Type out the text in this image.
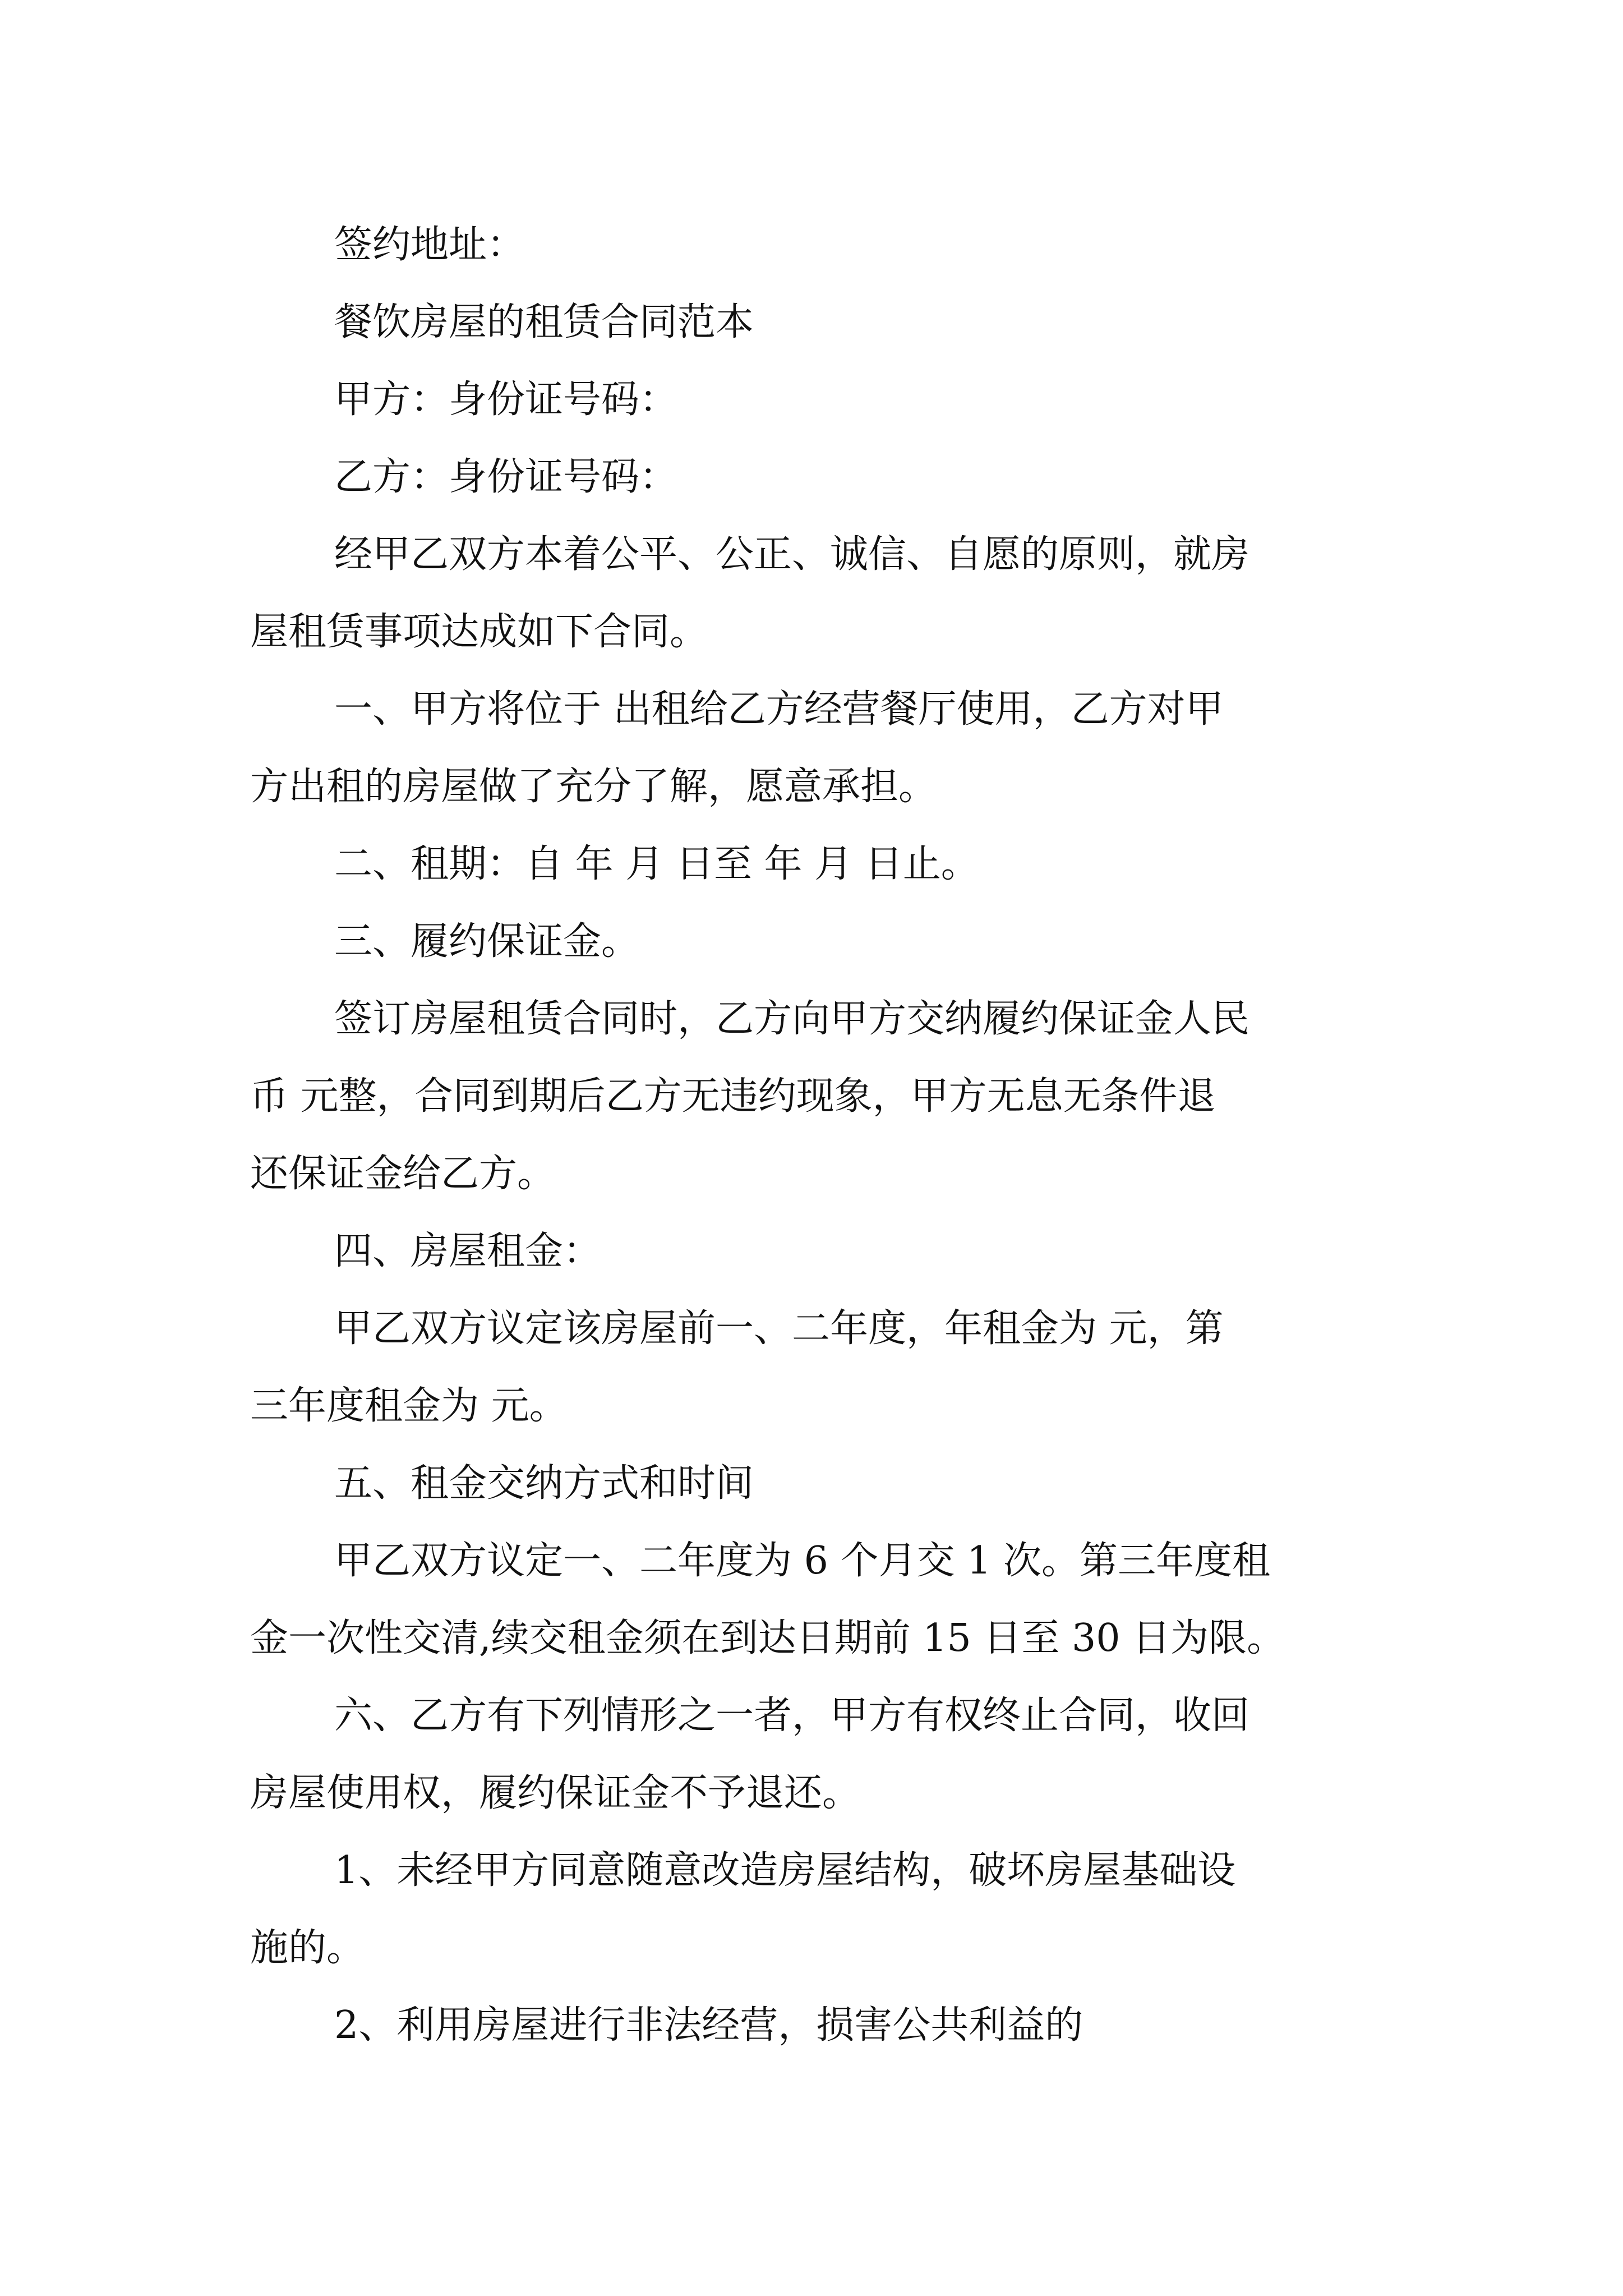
签约地址：
餐饮房屋的租赁合同范本
甲方：身份证号码：
乙方：身份证号码：
经甲乙双方本着公平、公正、诚信、自愿的原则，就房
屋租赁事项达成如下合同。
一、甲方将位于 出租给乙方经营餐厅使用，乙方对甲
方出租的房屋做了充分了解，愿意承担。
二、租期：自 年 月 日至 年 月 日止。
三、履约保证金。
签订房屋租赁合同时，乙方向甲方交纳履约保证金人民
币 元整，合同到期后乙方无违约现象，甲方无息无条件退
还保证金给乙方。
四、房屋租金：
甲乙双方议定该房屋前一、二年度，年租金为 元，第
三年度租金为 元。
五、租金交纳方式和时间
甲乙双方议定一、二年度为 6 个月交 1 次。第三年度租
金一次性交清,续交租金须在到达日期前 15 日至 30 日为限。
六、乙方有下列情形之一者，甲方有权终止合同，收回
房屋使用权，履约保证金不予退还。
1、未经甲方同意随意改造房屋结构，破坏房屋基础设
施的。
2、利用房屋进行非法经营，损害公共利益的
